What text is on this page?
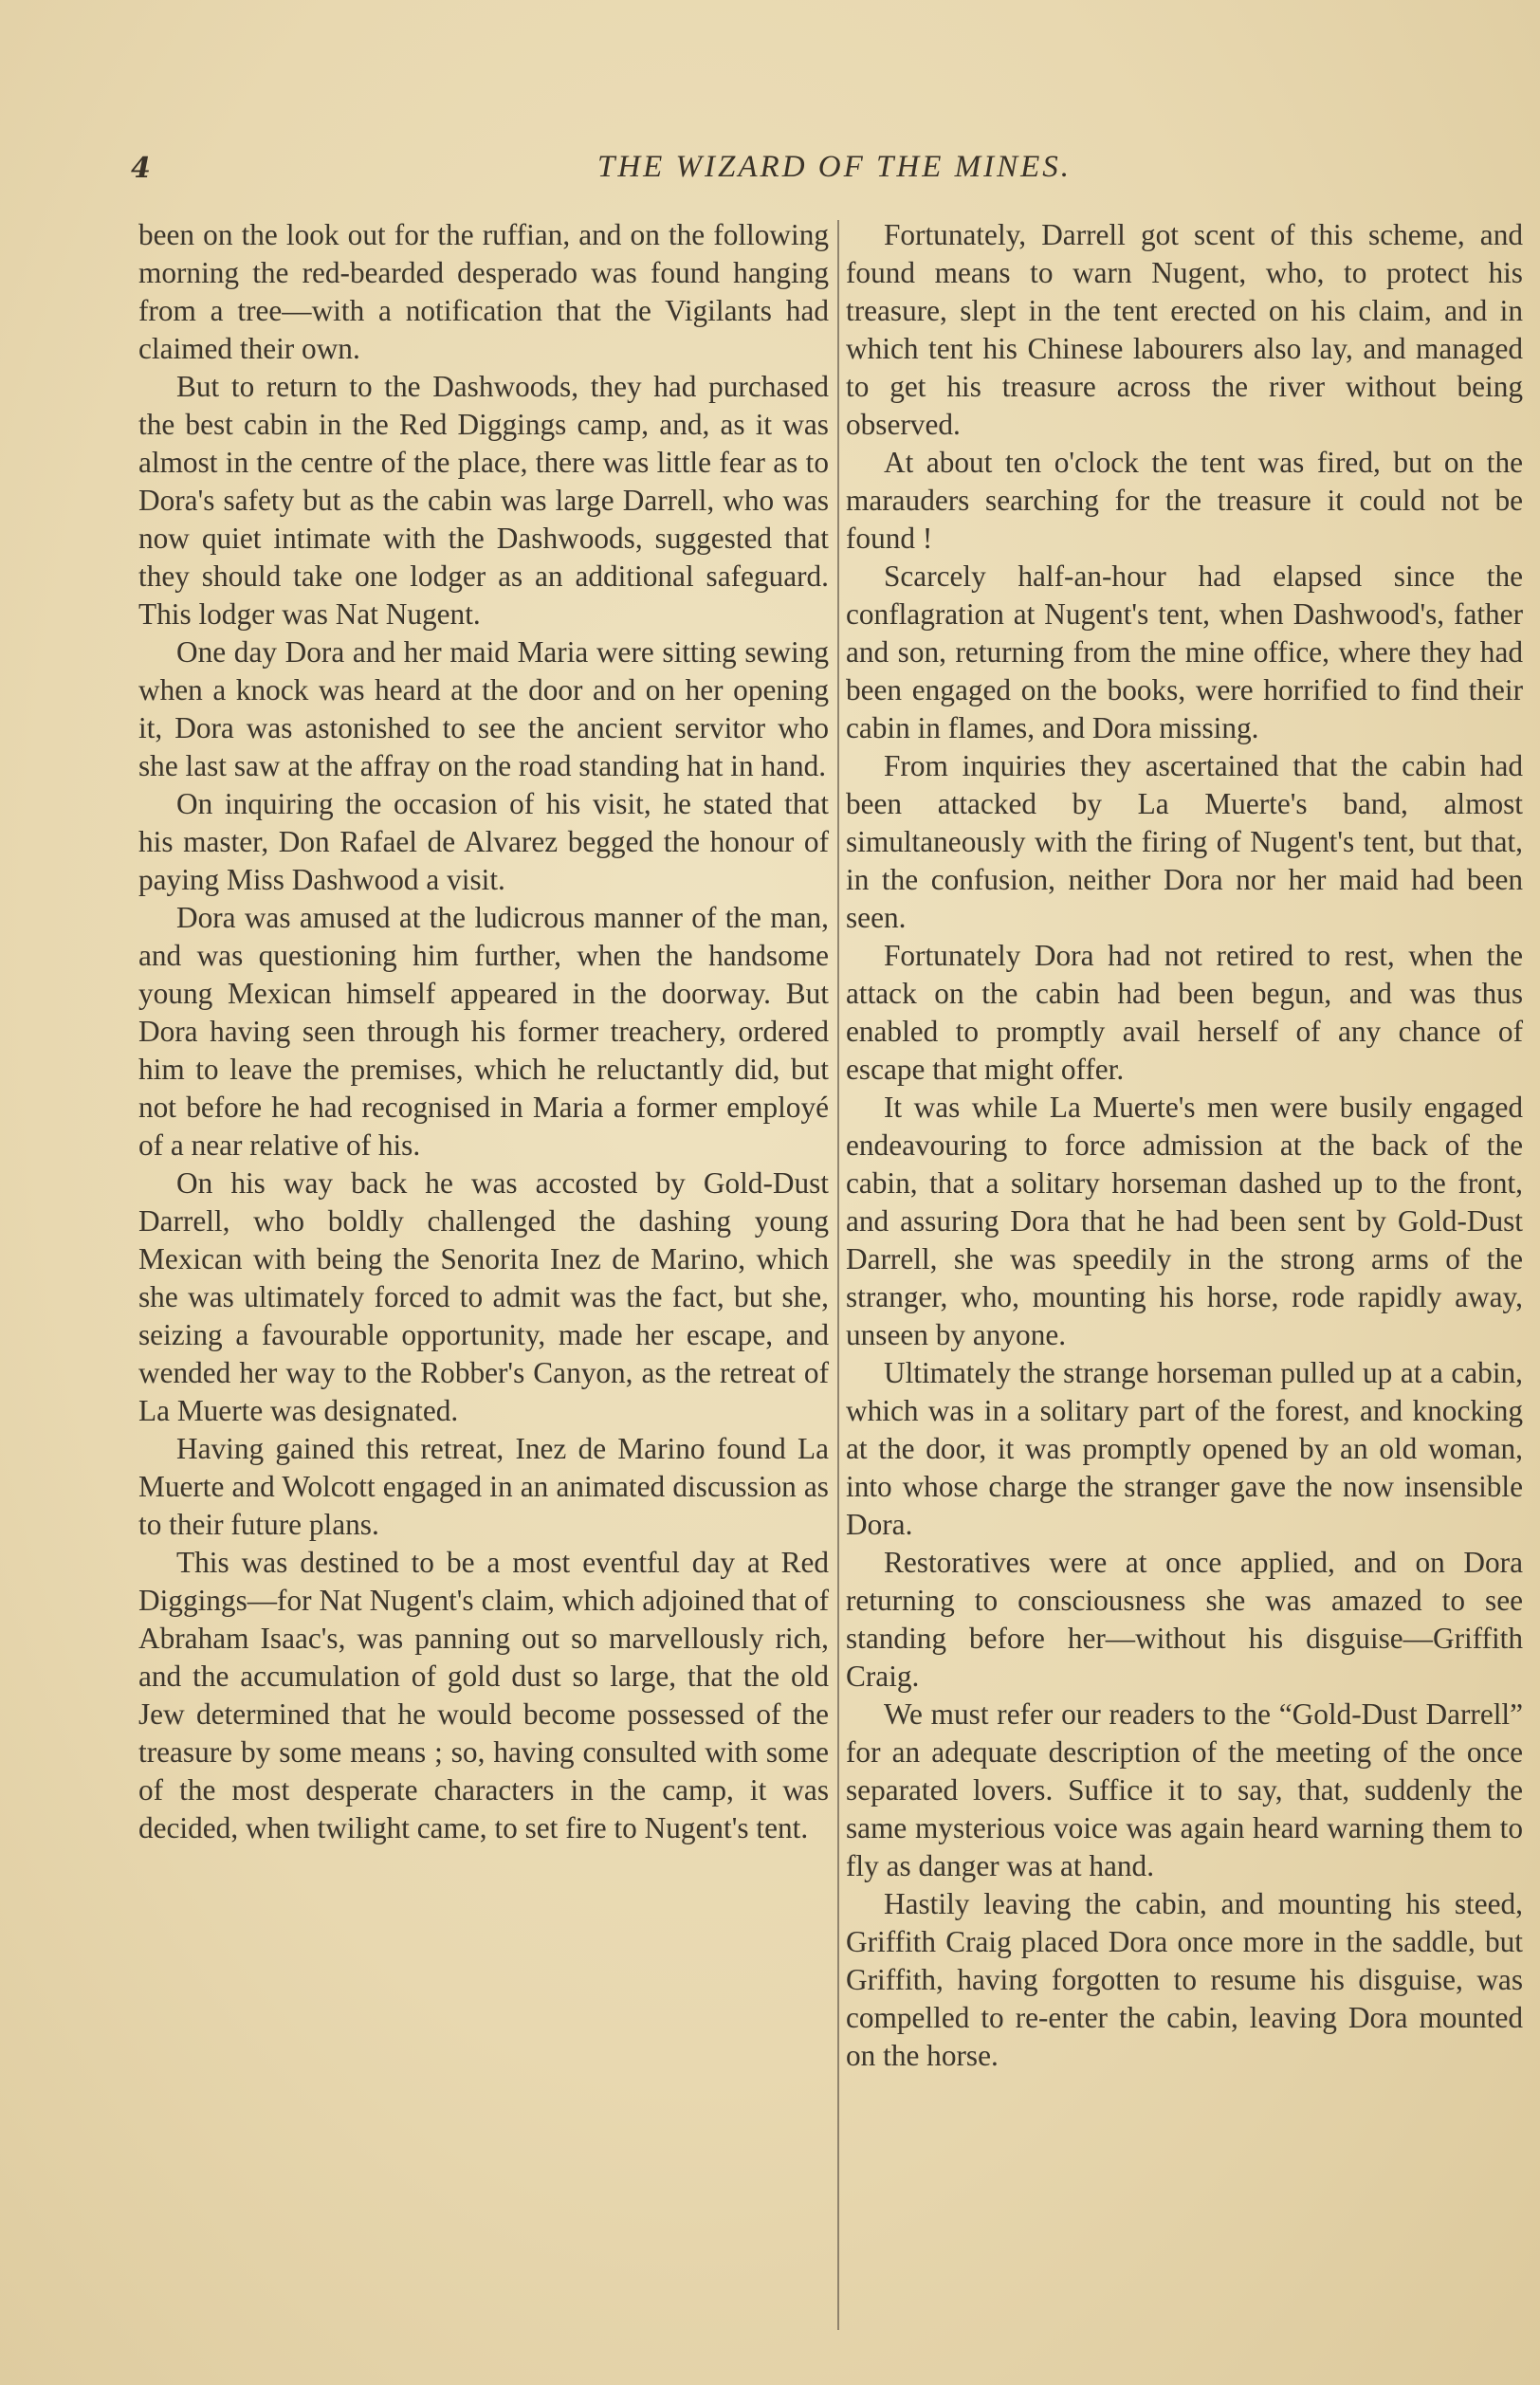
4	THE WIZARD OF THE MINES.

been on the look out for the ruffian, and on the following morning the red-bearded desperado was found hanging from a tree—with a notification that the Vigilants had claimed their own.

But to return to the Dashwoods, they had purchased the best cabin in the Red Diggings camp, and, as it was almost in the centre of the place, there was little fear as to Dora's safety but as the cabin was large Darrell, who was now quiet intimate with the Dashwoods, suggested that they should take one lodger as an additional safeguard. This lodger was Nat Nugent.

One day Dora and her maid Maria were sitting sewing when a knock was heard at the door and on her opening it, Dora was astonished to see the ancient servitor who she last saw at the affray on the road standing hat in hand.

On inquiring the occasion of his visit, he stated that his master, Don Rafael de Alvarez begged the honour of paying Miss Dashwood a visit.

Dora was amused at the ludicrous manner of the man, and was questioning him further, when the handsome young Mexican himself appeared in the doorway. But Dora having seen through his former treachery, ordered him to leave the premises, which he reluctantly did, but not before he had recognised in Maria a former employé of a near relative of his.

On his way back he was accosted by Gold-Dust Darrell, who boldly challenged the dashing young Mexican with being the Senorita Inez de Marino, which she was ultimately forced to admit was the fact, but she, seizing a favourable opportunity, made her escape, and wended her way to the Robber's Canyon, as the retreat of La Muerte was designated.

Having gained this retreat, Inez de Marino found La Muerte and Wolcott engaged in an animated discussion as to their future plans.

This was destined to be a most eventful day at Red Diggings—for Nat Nugent's claim, which adjoined that of Abraham Isaac's, was panning out so marvellously rich, and the accumulation of gold dust so large, that the old Jew determined that he would become possessed of the treasure by some means ; so, having consulted with some of the most desperate characters in the camp, it was decided, when twilight came, to set fire to Nugent's tent.

Fortunately, Darrell got scent of this scheme, and found means to warn Nugent, who, to protect his treasure, slept in the tent erected on his claim, and in which tent his Chinese labourers also lay, and managed to get his treasure across the river without being observed.

At about ten o'clock the tent was fired, but on the marauders searching for the treasure it could not be found !

Scarcely half-an-hour had elapsed since the conflagration at Nugent's tent, when Dashwood's, father and son, returning from the mine office, where they had been engaged on the books, were horrified to find their cabin in flames, and Dora missing.

From inquiries they ascertained that the cabin had been attacked by La Muerte's band, almost simultaneously with the firing of Nugent's tent, but that, in the confusion, neither Dora nor her maid had been seen.

Fortunately Dora had not retired to rest, when the attack on the cabin had been begun, and was thus enabled to promptly avail herself of any chance of escape that might offer.

It was while La Muerte's men were busily engaged endeavouring to force admission at the back of the cabin, that a solitary horseman dashed up to the front, and assuring Dora that he had been sent by Gold-Dust Darrell, she was speedily in the strong arms of the stranger, who, mounting his horse, rode rapidly away, unseen by anyone.

Ultimately the strange horseman pulled up at a cabin, which was in a solitary part of the forest, and knocking at the door, it was promptly opened by an old woman, into whose charge the stranger gave the now insensible Dora.

Restoratives were at once applied, and on Dora returning to consciousness she was amazed to see standing before her—without his disguise—Griffith Craig.

We must refer our readers to the “Gold-Dust Darrell” for an adequate description of the meeting of the once separated lovers. Suffice it to say, that, suddenly the same mysterious voice was again heard warning them to fly as danger was at hand.

Hastily leaving the cabin, and mounting his steed, Griffith Craig placed Dora once more in the saddle, but Griffith, having forgotten to resume his disguise, was compelled to re-enter the cabin, leaving Dora mounted on the horse.
